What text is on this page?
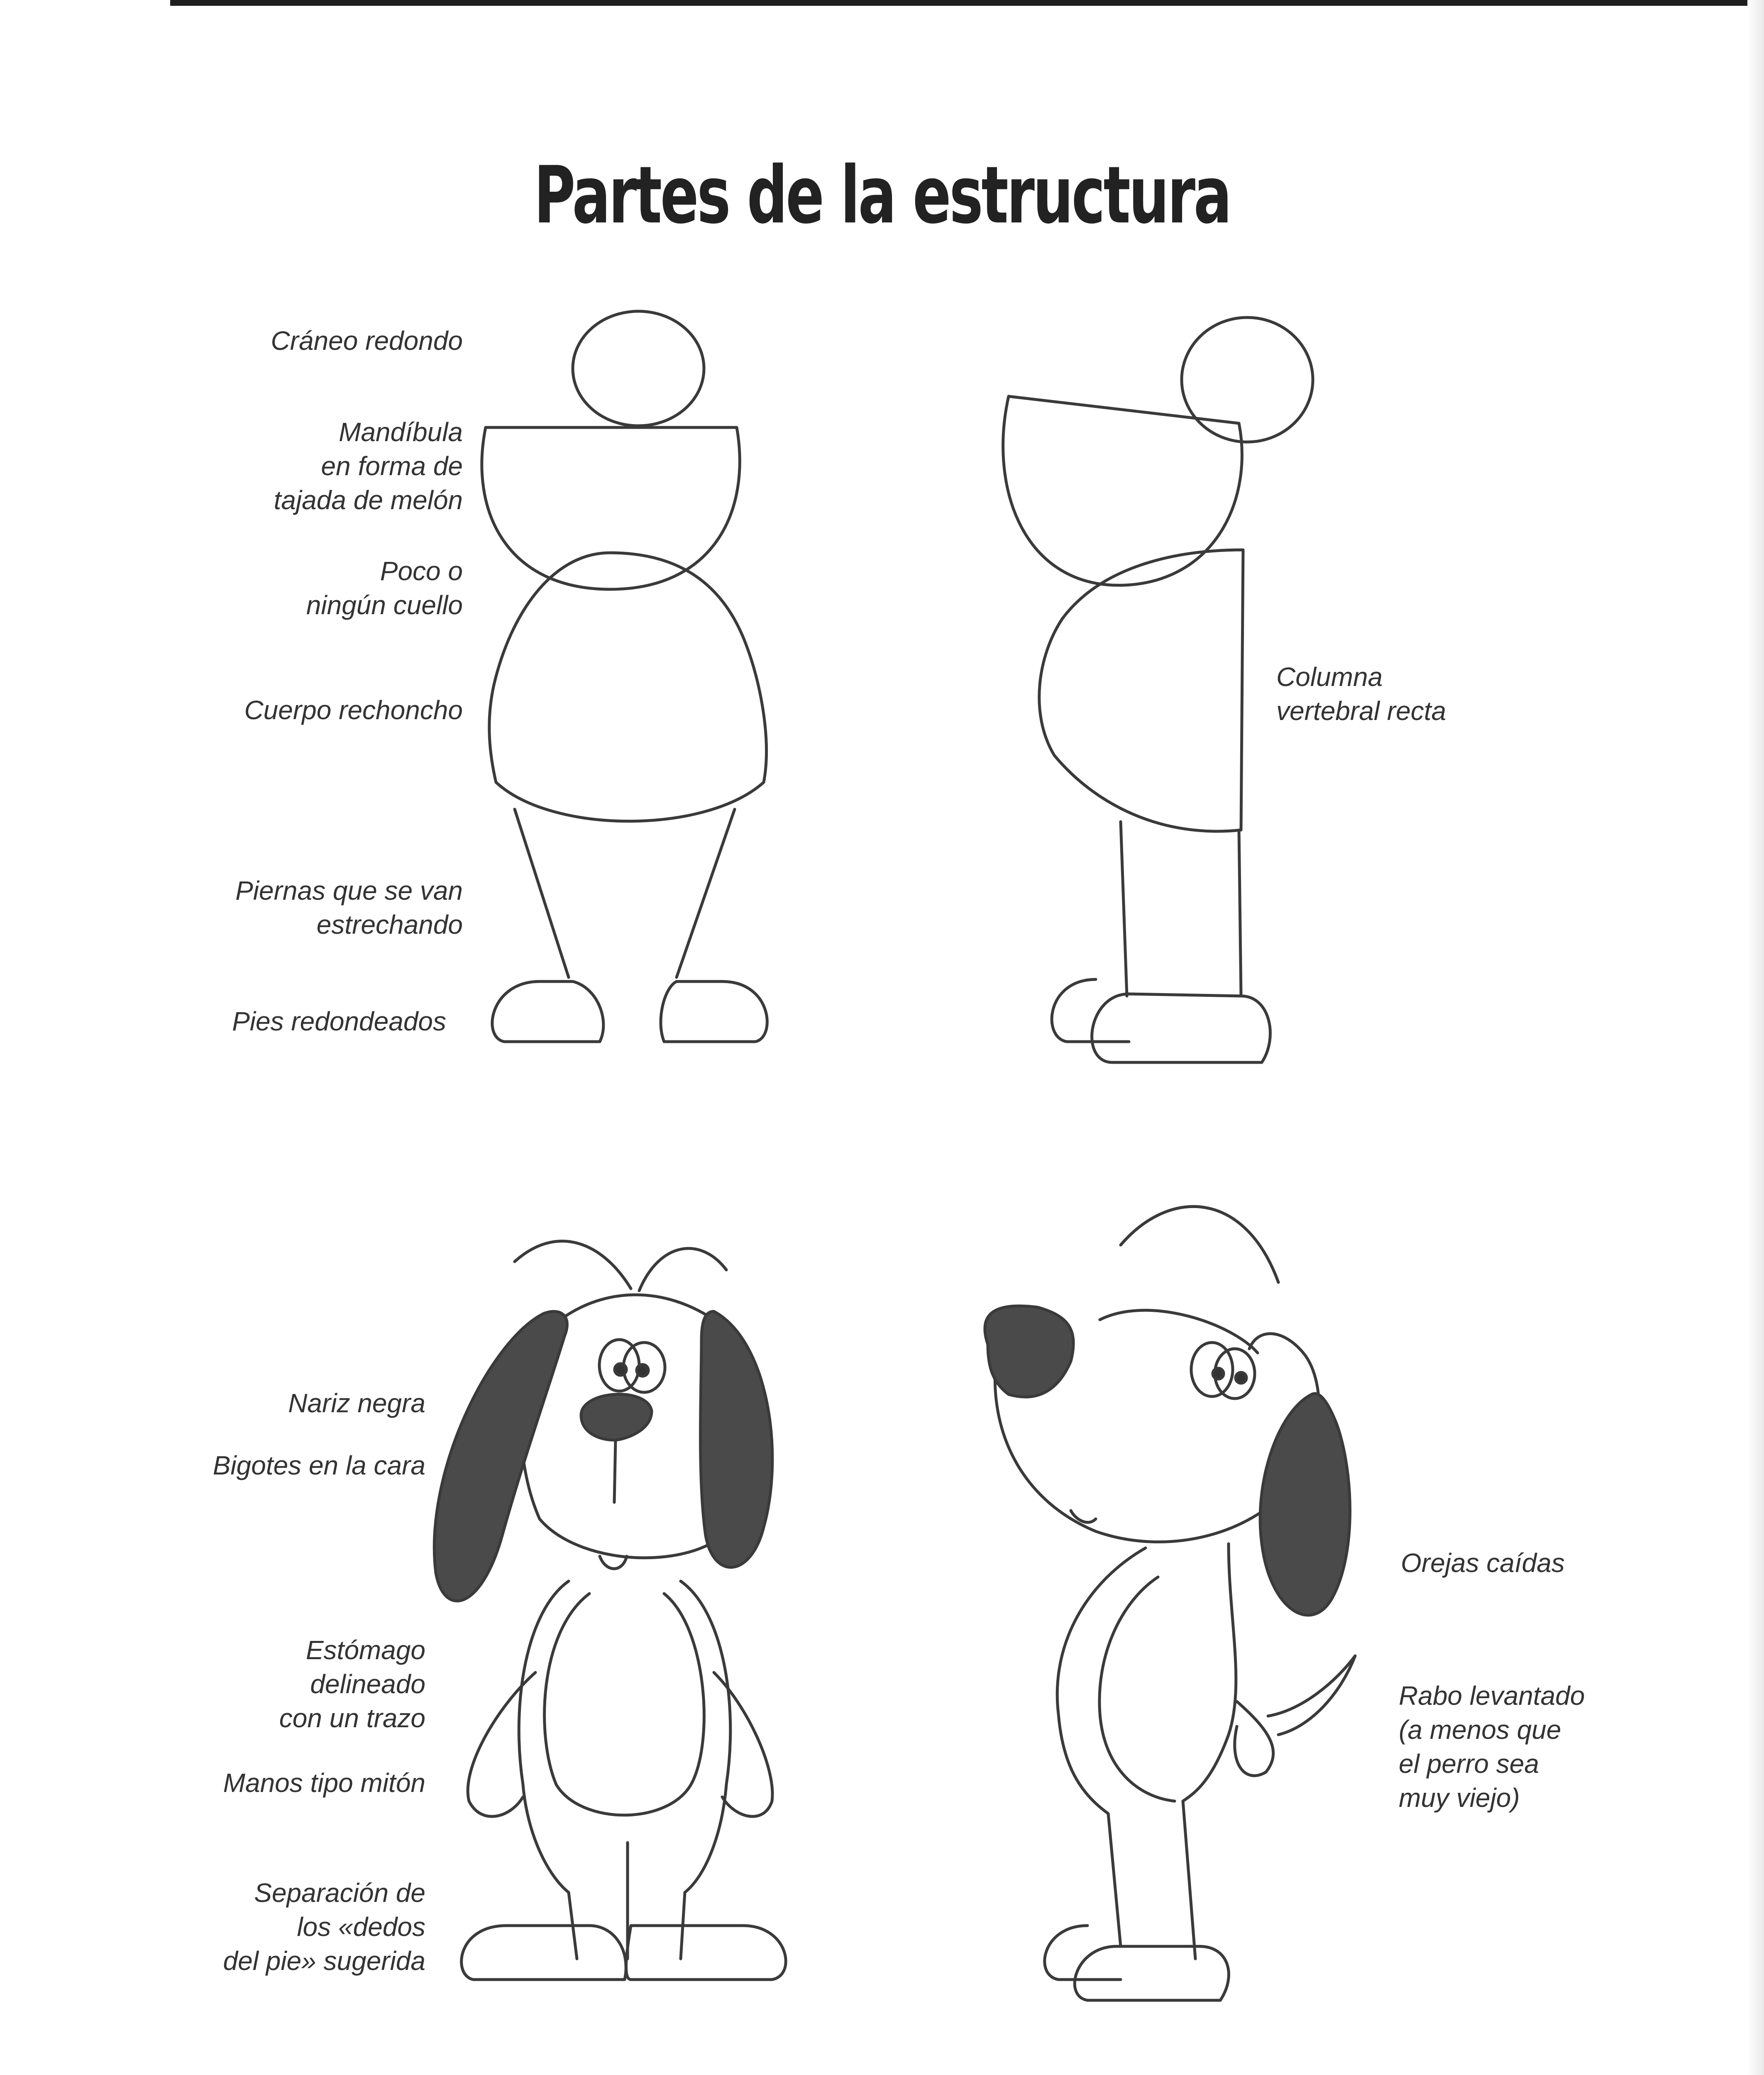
Partes de la estructura
Cráneo redondo
Mandíbula
en forma de
tajada de melón
Poco o
ningún cuello
Cuerpo rechoncho
Columna
vertebral recta
Piernas que se van
estrechando
Pies redondeados
Nariz negra
Bigotes en la cara
Orejas caídas
Estómago
delineado
con un trazo
Manos tipo mitón
Rabo levantado
(a menos que
el perro sea
muy viejo)
Separación de
los «dedos
del pie» sugerida
